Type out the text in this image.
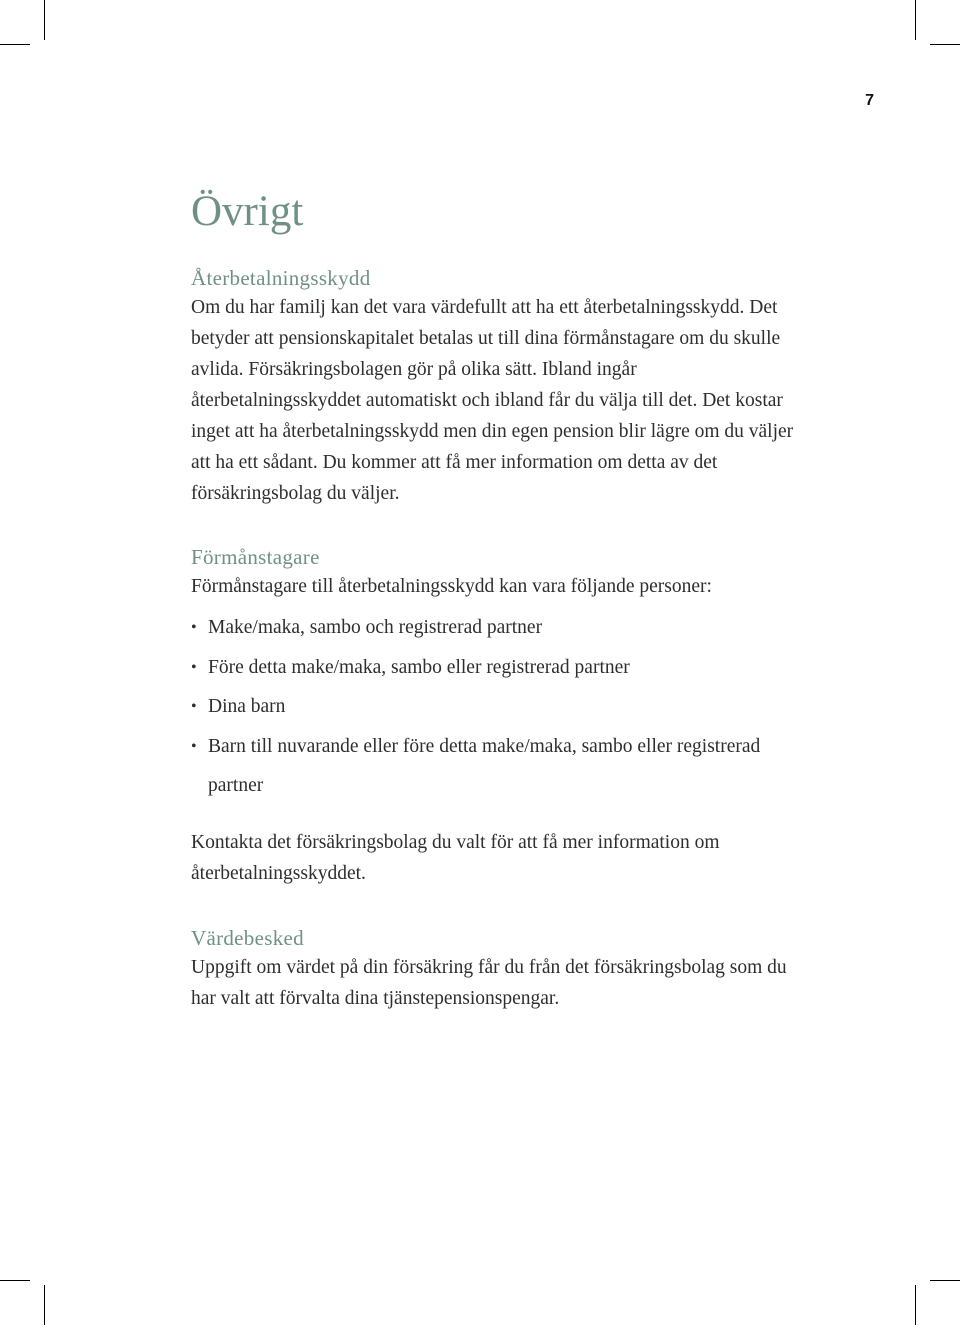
7
Övrigt
Återbetalningsskydd

Om du har familj kan det vara värdefullt att ha ett återbetalningsskydd. Det betyder att pensionskapitalet betalas ut till dina förmånstagare om du skulle avlida. Försäkringsbolagen gör på olika sätt. Ibland ingår återbetalningsskyddet automatiskt och ibland får du välja till det. Det kostar inget att ha återbetalningsskydd men din egen pension blir lägre om du väljer att ha ett sådant. Du kommer att få mer information om detta av det försäkringsbolag du väljer.

Förmånstagare

Förmånstagare till återbetalningsskydd kan vara följande personer:

• Make/maka, sambo och registrerad partner
• Före detta make/maka, sambo eller registrerad partner
• Dina barn
• Barn till nuvarande eller före detta make/maka, sambo eller registrerad partner

Kontakta det försäkringsbolag du valt för att få mer information om återbetalningsskyddet.

Värdebesked

Uppgift om värdet på din försäkring får du från det försäkringsbolag som du har valt att förvalta dina tjänstepensionspengar.
